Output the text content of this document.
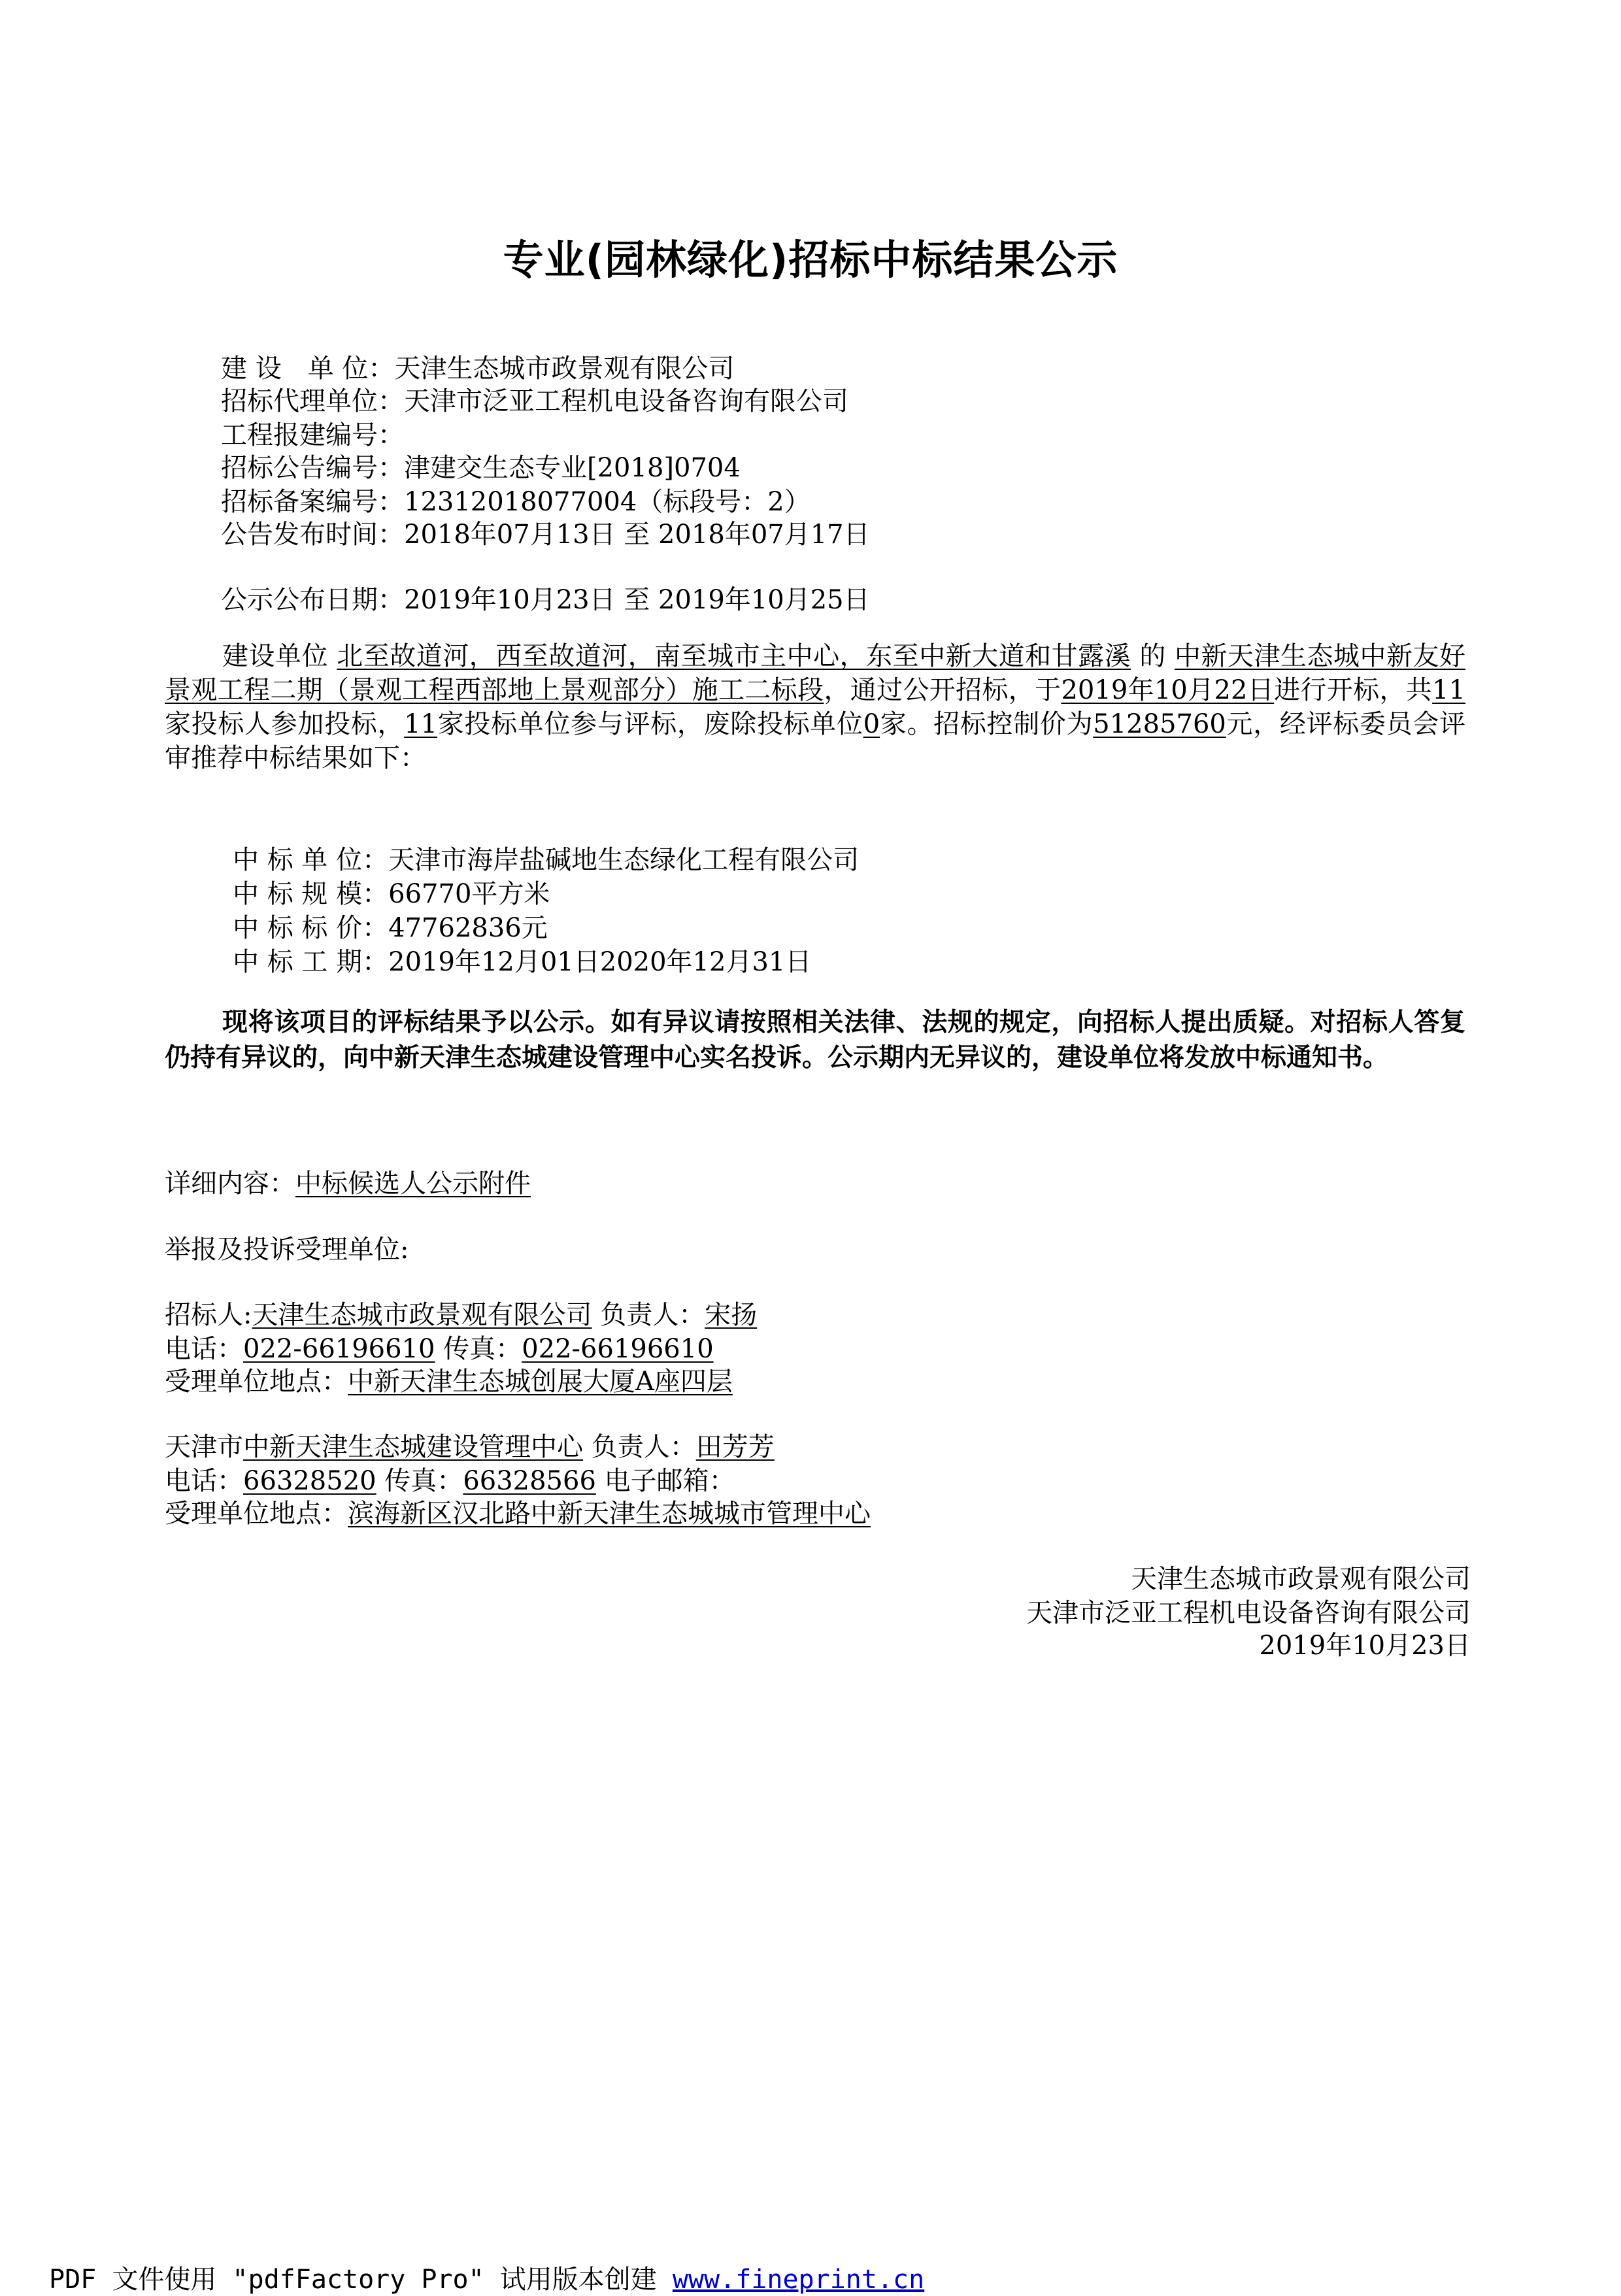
专业(园林绿化)招标中标结果公示
建 设　单 位：天津生态城市政景观有限公司
招标代理单位：天津市泛亚工程机电设备咨询有限公司
工程报建编号：
招标公告编号：津建交生态专业[2018]0704
招标备案编号：12312018077004（标段号：2）
公告发布时间：2018年07月13日 至 2018年07月17日
公示公布日期：2019年10月23日 至 2019年10月25日
建设单位 北至故道河，西至故道河，南至城市主中心，东至中新大道和甘露溪 的 中新天津生态城中新友好景观工程二期（景观工程西部地上景观部分）施工二标段，通过公开招标，于2019年10月22日进行开标，共11 家投标人参加投标，11家投标单位参与评标，废除投标单位0家。招标控制价为51285760元，经评标委员会评审推荐中标结果如下：
中 标 单 位：天津市海岸盐碱地生态绿化工程有限公司
中 标 规 模：66770平方米
中 标 标 价：47762836元
中 标 工 期：2019年12月01日2020年12月31日
现将该项目的评标结果予以公示。如有异议请按照相关法律、法规的规定，向招标人提出质疑。对招标人答复仍持有异议的，向中新天津生态城建设管理中心实名投诉。公示期内无异议的，建设单位将发放中标通知书。
详细内容：中标候选人公示附件
举报及投诉受理单位:
招标人:天津生态城市政景观有限公司 负责人：宋扬
电话：022-66196610 传真：022-66196610
受理单位地点：中新天津生态城创展大厦A座四层
天津市中新天津生态城建设管理中心 负责人：田芳芳
电话：66328520 传真：66328566 电子邮箱：
受理单位地点：滨海新区汉北路中新天津生态城城市管理中心
天津生态城市政景观有限公司
天津市泛亚工程机电设备咨询有限公司
2019年10月23日
PDF 文件使用 "pdfFactory Pro" 试用版本创建 www.fineprint.cn
